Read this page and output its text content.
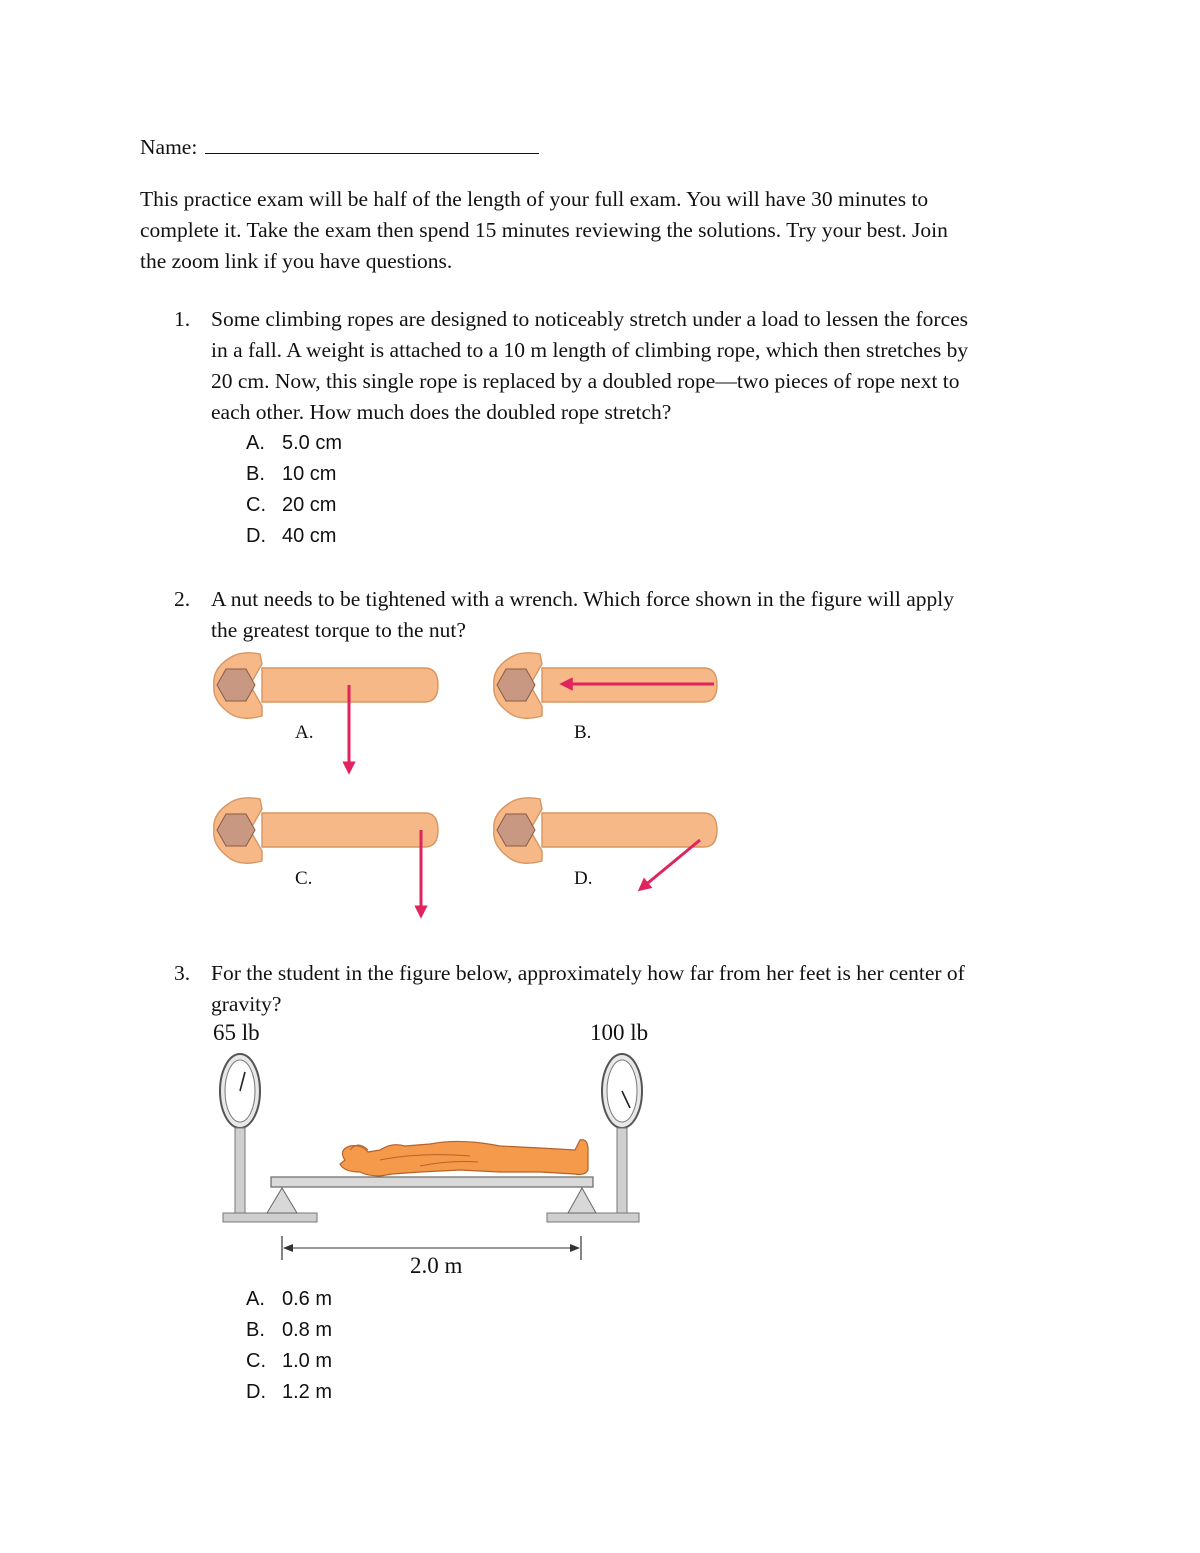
Name:
This practice exam will be half of the length of your full exam. You will have 30 minutes to
complete it. Take the exam then spend 15 minutes reviewing the solutions. Try your best. Join
the zoom link if you have questions.
1. Some climbing ropes are designed to noticeably stretch under a load to lessen the forces
in a fall. A weight is attached to a 10 m length of climbing rope, which then stretches by
20 cm. Now, this single rope is replaced by a doubled rope—two pieces of rope next to
each other. How much does the doubled rope stretch?
A. 5.0 cm
B. 10 cm
C. 20 cm
D. 40 cm
2. A nut needs to be tightened with a wrench. Which force shown in the figure will apply
the greatest torque to the nut?
A.	B.
C.	D.
3. For the student in the figure below, approximately how far from her feet is her center of
gravity?
65 lb	100 lb
2.0 m
A. 0.6 m
B. 0.8 m
C. 1.0 m
D. 1.2 m
